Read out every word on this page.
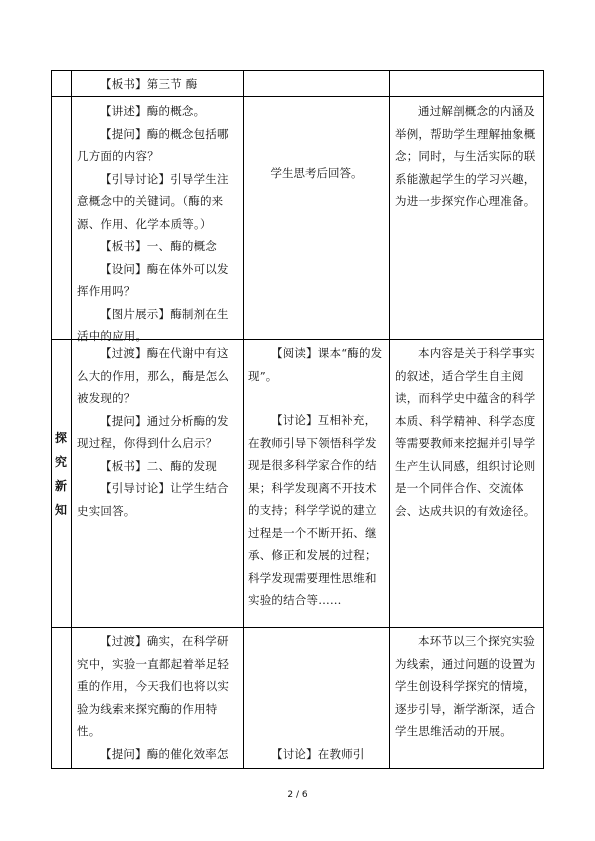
【板书】第三节 酶

探
究
新
知

【讲述】酶的概念。

【提问】酶的概念包括哪几方面的内容？

【引导讨论】引导学生注意概念中的关键词。（酶的来源、作用、化学本质等。）

【板书】一、酶的概念

【设问】酶在体外可以发挥作用吗？

【图片展示】酶制剂在生活中的应用。

学生思考后回答。

通过解剖概念的内涵及举例，帮助学生理解抽象概念；同时，与生活实际的联系能激起学生的学习兴趣，为进一步探究作心理准备。

【过渡】酶在代谢中有这么大的作用，那么，酶是怎么被发现的？

【提问】通过分析酶的发现过程，你得到什么启示？

【板书】二、酶的发现

【引导讨论】让学生结合史实回答。

【阅读】课本“酶的发现”。

【讨论】互相补充，在教师引导下领悟科学发现是很多科学家合作的结果；科学发现离不开技术的支持；科学学说的建立过程是一个不断开拓、继承、修正和发展的过程；科学发现需要理性思维和实验的结合等……

本内容是关于科学事实的叙述，适合学生自主阅读，而科学史中蕴含的科学本质、科学精神、科学态度等需要教师来挖掘并引导学生产生认同感，组织讨论则是一个同伴合作、交流体会、达成共识的有效途径。

【过渡】确实，在科学研究中，实验一直都起着举足轻重的作用，今天我们也将以实验为线索来探究酶的作用特性。

【提问】酶的催化效率怎	【讨论】在教师引

本环节以三个探究实验为线索，通过问题的设置为学生创设科学探究的情境，逐步引导，渐学渐深，适合学生思维活动的开展。

2 / 6
